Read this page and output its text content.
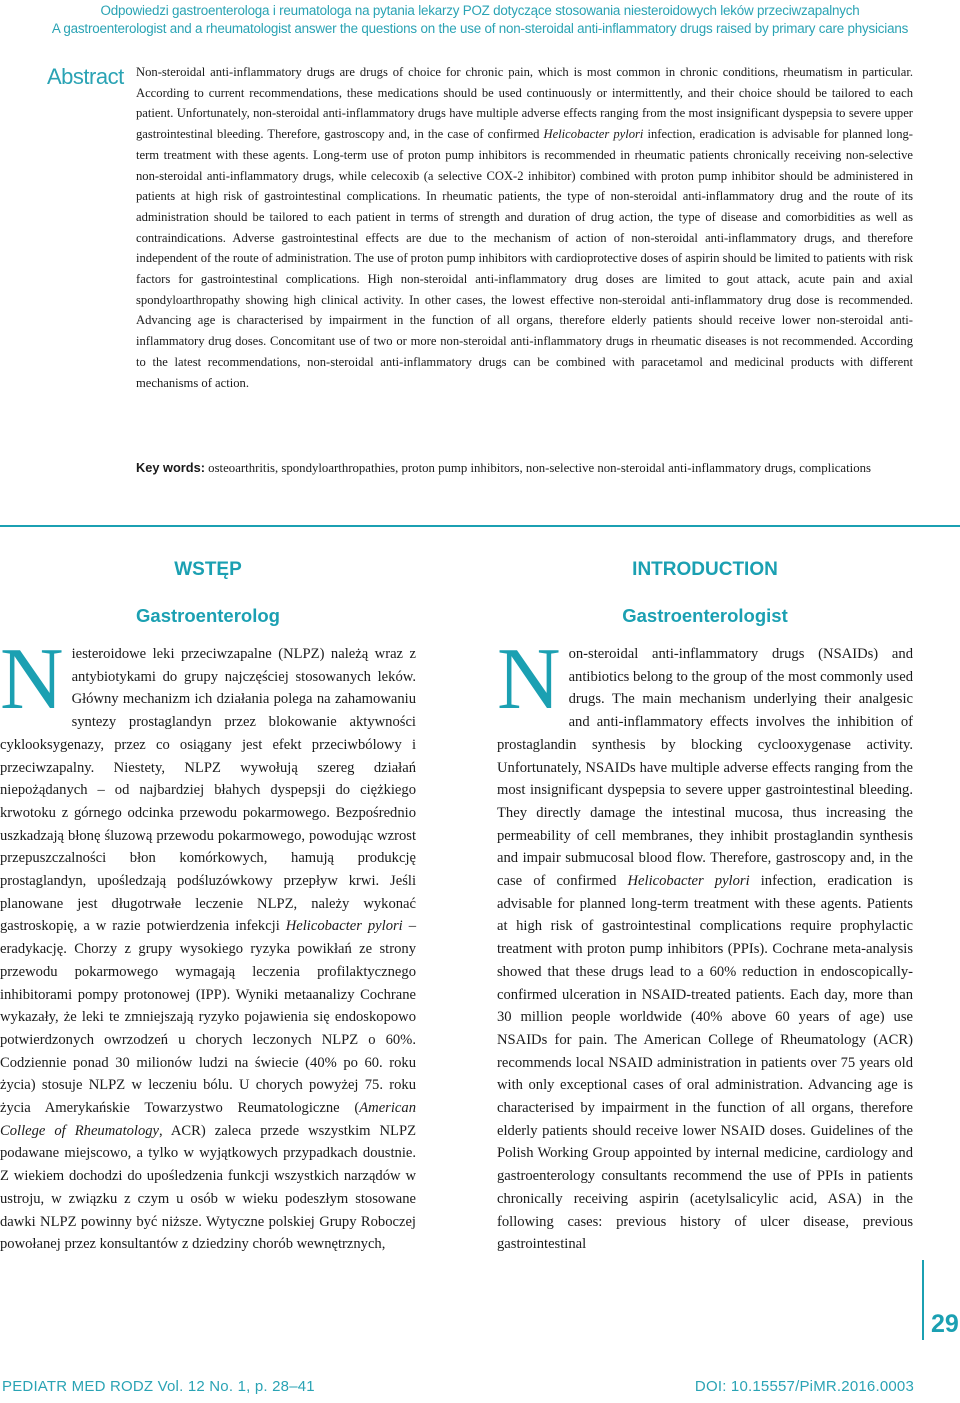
Odpowiedzi gastroenterologa i reumatologa na pytania lekarzy POZ dotyczące stosowania niesteroidowych leków przeciwzapalnych
A gastroenterologist and a rheumatologist answer the questions on the use of non-steroidal anti-inflammatory drugs raised by primary care physicians
Abstract Non-steroidal anti-inflammatory drugs are drugs of choice for chronic pain, which is most common in chronic conditions, rheumatism in particular. According to current recommendations, these medications should be used continuously or intermittently, and their choice should be tailored to each patient. Unfortunately, non-steroidal anti-inflammatory drugs have multiple adverse effects ranging from the most insignificant dyspepsia to severe upper gastrointestinal bleeding. Therefore, gastroscopy and, in the case of confirmed Helicobacter pylori infection, eradication is advisable for planned long-term treatment with these agents. Long-term use of proton pump inhibitors is recommended in rheumatic patients chronically receiving non-selective non-steroidal anti-inflammatory drugs, while celecoxib (a selective COX-2 inhibitor) combined with proton pump inhibitor should be administered in patients at high risk of gastrointestinal complications. In rheumatic patients, the type of non-steroidal anti-inflammatory drug and the route of its administration should be tailored to each patient in terms of strength and duration of drug action, the type of disease and comorbidities as well as contraindications. Adverse gastrointestinal effects are due to the mechanism of action of non-steroidal anti-inflammatory drugs, and therefore independent of the route of administration. The use of proton pump inhibitors with cardioprotective doses of aspirin should be limited to patients with risk factors for gastrointestinal complications. High non-steroidal anti-inflammatory drug doses are limited to gout attack, acute pain and axial spondyloarthropathy showing high clinical activity. In other cases, the lowest effective non-steroidal anti-inflammatory drug dose is recommended. Advancing age is characterised by impairment in the function of all organs, therefore elderly patients should receive lower non-steroidal anti-inflammatory drug doses. Concomitant use of two or more non-steroidal anti-inflammatory drugs in rheumatic diseases is not recommended. According to the latest recommendations, non-steroidal anti-inflammatory drugs can be combined with paracetamol and medicinal products with different mechanisms of action.
Key words: osteoarthritis, spondyloarthropathies, proton pump inhibitors, non-selective non-steroidal anti-inflammatory drugs, complications
WSTĘP
Gastroenterolog

Niesteroidowe leki przeciwzapalne (NLPZ) należą wraz z antybiotykami do grupy najczęściej stosowanych leków. Główny mechanizm ich działania polega na zahamowaniu syntezy prostaglandyn przez blokowanie aktywności cyklooksygenazy, przez co osiągany jest efekt przeciwbólowy i przeciwzapalny. Niestety, NLPZ wywołują szereg działań niepożądanych – od najbardziej błahych dyspepsji do ciężkiego krwotoku z górnego odcinka przewodu pokarmowego. Bezpośrednio uszkadzają błonę śluzową przewodu pokarmowego, powodując wzrost przepuszczalności błon komórkowych, hamują produkcję prostaglandyn, upośledzają podśluzówkowy przepływ krwi. Jeśli planowane jest długotrwałe leczenie NLPZ, należy wykonać gastroskopię, a w razie potwierdzenia infekcji Helicobacter pylori – eradykację. Chorzy z grupy wysokiego ryzyka powikłań ze strony przewodu pokarmowego wymagają leczenia profilaktycznego inhibitorami pompy protonowej (IPP). Wyniki metaanalizy Cochrane wykazały, że leki te zmniejszają ryzyko pojawienia się endoskopowo potwierdzonych owrzodzeń u chorych leczonych NLPZ o 60%. Codziennie ponad 30 milionów ludzi na świecie (40% po 60. roku życia) stosuje NLPZ w leczeniu bólu. U chorych powyżej 75. roku życia Amerykańskie Towarzystwo Reumatologiczne (American College of Rheumatology, ACR) zaleca przede wszystkim NLPZ podawane miejscowo, a tylko w wyjątkowych przypadkach doustnie. Z wiekiem dochodzi do upośledzenia funkcji wszystkich narządów w ustroju, w związku z czym u osób w wieku podeszłym stosowane dawki NLPZ powinny być niższe. Wytyczne polskiej Grupy Roboczej powołanej przez konsultantów z dziedziny chorób wewnętrznych,

INTRODUCTION
Gastroenterologist

Non-steroidal anti-inflammatory drugs (NSAIDs) and antibiotics belong to the group of the most commonly used drugs. The main mechanism underlying their analgesic and anti-inflammatory effects involves the inhibition of prostaglandin synthesis by blocking cyclooxygenase activity. Unfortunately, NSAIDs have multiple adverse effects ranging from the most insignificant dyspepsia to severe upper gastrointestinal bleeding. They directly damage the intestinal mucosa, thus increasing the permeability of cell membranes, they inhibit prostaglandin synthesis and impair submucosal blood flow. Therefore, gastroscopy and, in the case of confirmed Helicobacter pylori infection, eradication is advisable for planned long-term treatment with these agents. Patients at high risk of gastrointestinal complications require prophylactic treatment with proton pump inhibitors (PPIs). Cochrane meta-analysis showed that these drugs lead to a 60% reduction in endoscopically-confirmed ulceration in NSAID-treated patients. Each day, more than 30 million people worldwide (40% above 60 years of age) use NSAIDs for pain. The American College of Rheumatology (ACR) recommends local NSAID administration in patients over 75 years old with only exceptional cases of oral administration. Advancing age is characterised by impairment in the function of all organs, therefore elderly patients should receive lower NSAID doses. Guidelines of the Polish Working Group appointed by internal medicine, cardiology and gastroenterology consultants recommend the use of PPIs in patients chronically receiving aspirin (acetylsalicylic acid, ASA) in the following cases: previous history of ulcer disease, previous gastrointestinal

29
PEDIATR MED RODZ Vol. 12 No. 1, p. 28–41	DOI: 10.15557/PiMR.2016.0003
